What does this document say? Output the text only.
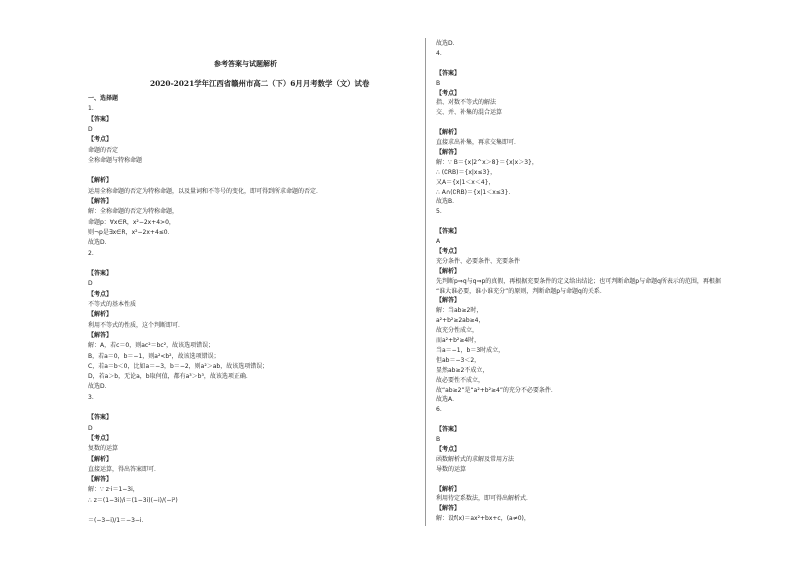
参考答案与试题解析
2020-2021学年江西省赣州市高二（下）6月月考数学（文）试卷
一、选择题
1.
【答案】
D
【考点】
命题的否定
全称命题与特称命题
【解析】
运用全称命题的否定为特称命题，以及量词和不等号的变化，即可得到所求命题的否定．
【解答】
解：全称命题的否定为特称命题，
命题p：∀x∈R，x²−2x+4>0，
则¬p是∃x∈R，x²−2x+4≤0．
故选D．
2.
【答案】
D
【考点】
不等式的基本性质
【解析】
利用不等式的性质，这个判断即可．
【解答】
解：A，若c＝0，则ac²＝bc²，故该选项错误；
B，若a＝0，b＝−1，则a²<b²，故该选项错误；
C，若a＝b＜0，比如a＝−3，b＝−2，则a²＞ab，故该选项错误；
D，若a＞b，无论a，b取何值，都有a³＞b³，故该选项正确．
故选D．
3.
【答案】
D
【考点】
复数的运算
【解析】
直接运算，得出答案即可．
【解答】
解：∵ z·i＝1−3i，
∴ z＝(1−3i)/i＝(1−3i)(−i)/(−i²)
＝(−3−i)/1＝−3−i．
故选D．
4.
【答案】
B
【考点】
指、对数不等式的解法
交、并、补集的混合运算
【解析】
直接求出补集，再求交集即可．
【解答】
解：∵ B＝{x|2^x＞8}＝{x|x＞3}，
∴ (∁RB)＝{x|x≤3}，
又A＝{x|1＜x＜4}，
∴ A∩(∁RB)＝{x|1＜x≤3}．
故选B．
5.
【答案】
A
【考点】
充分条件、必要条件、充要条件
【解析】
先判断p⇒q与q⇒p的真假，再根据充要条件的定义给出结论；也可判断命题p与命题q所表示的范围，再根据
“谁大谁必要，谁小谁充分”的原则，判断命题p与命题q的关系．
【解答】
解：当ab≥2时，
a²+b²≥2ab≥4，
故充分性成立，
而a²+b²≥4时，
当a＝−1，b＝3时成立，
但ab＝−3＜2，
显然ab≥2不成立，
故必要性不成立，
故“ab≥2”是“a²+b²≥4”的充分不必要条件．
故选A．
6.
【答案】
B
【考点】
函数解析式的求解及常用方法
导数的运算
【解析】
利用待定系数法，即可得出解析式．
【解答】
解：设f(x)＝ax²+bx+c，(a≠0)，
